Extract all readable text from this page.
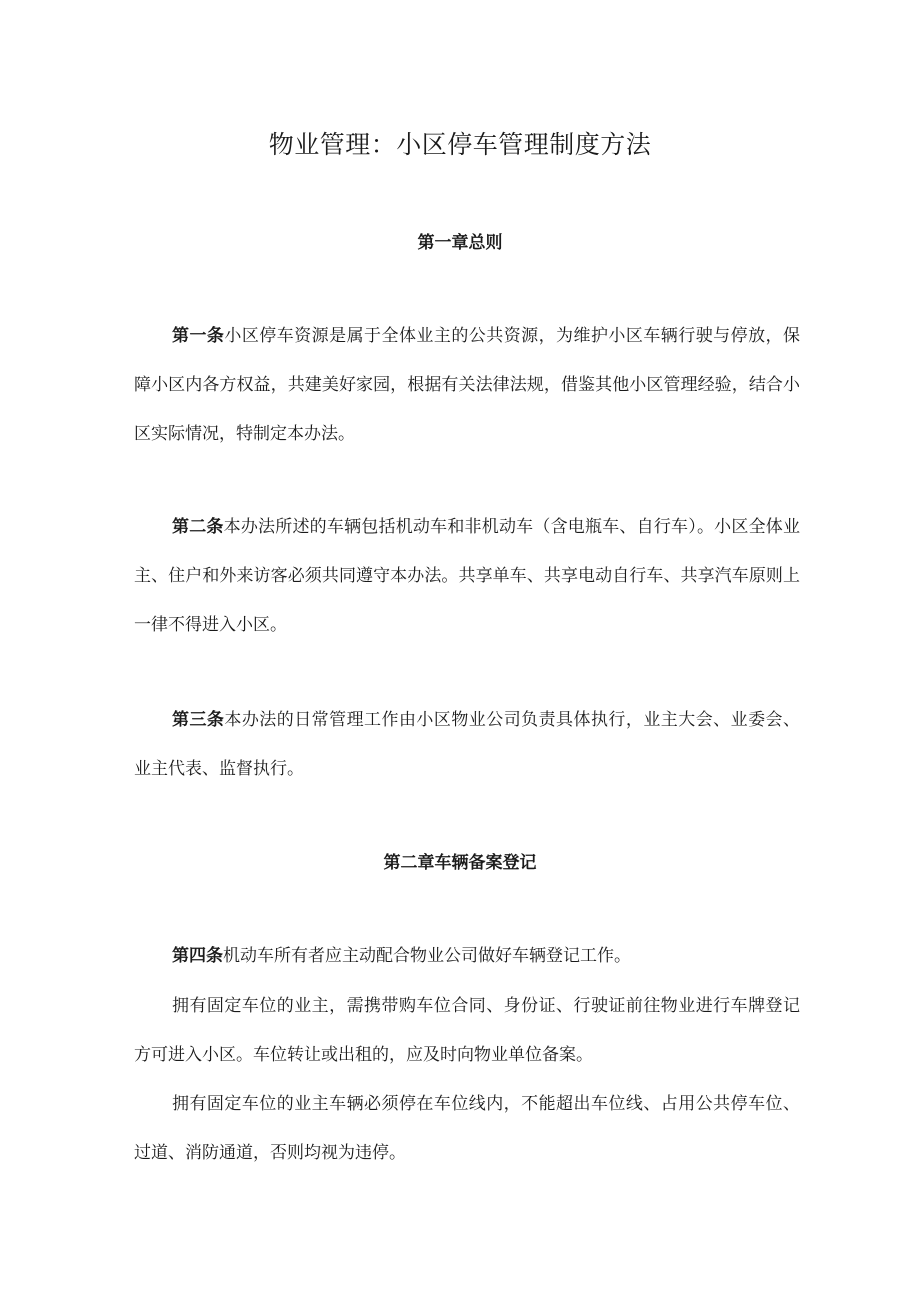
物业管理：小区停车管理制度方法
第一章总则

第一条小区停车资源是属于全体业主的公共资源，为维护小区车辆行驶与停放，保障小区内各方权益，共建美好家园，根据有关法律法规，借鉴其他小区管理经验，结合小区实际情况，特制定本办法。

第二条本办法所述的车辆包括机动车和非机动车（含电瓶车、自行车）。小区全体业主、住户和外来访客必须共同遵守本办法。共享单车、共享电动自行车、共享汽车原则上一律不得进入小区。

第三条本办法的日常管理工作由小区物业公司负责具体执行，业主大会、业委会、业主代表、监督执行。

第二章车辆备案登记

第四条机动车所有者应主动配合物业公司做好车辆登记工作。

拥有固定车位的业主，需携带购车位合同、身份证、行驶证前往物业进行车牌登记方可进入小区。车位转让或出租的，应及时向物业单位备案。

拥有固定车位的业主车辆必须停在车位线内，不能超出车位线、占用公共停车位、过道、消防通道，否则均视为违停。
